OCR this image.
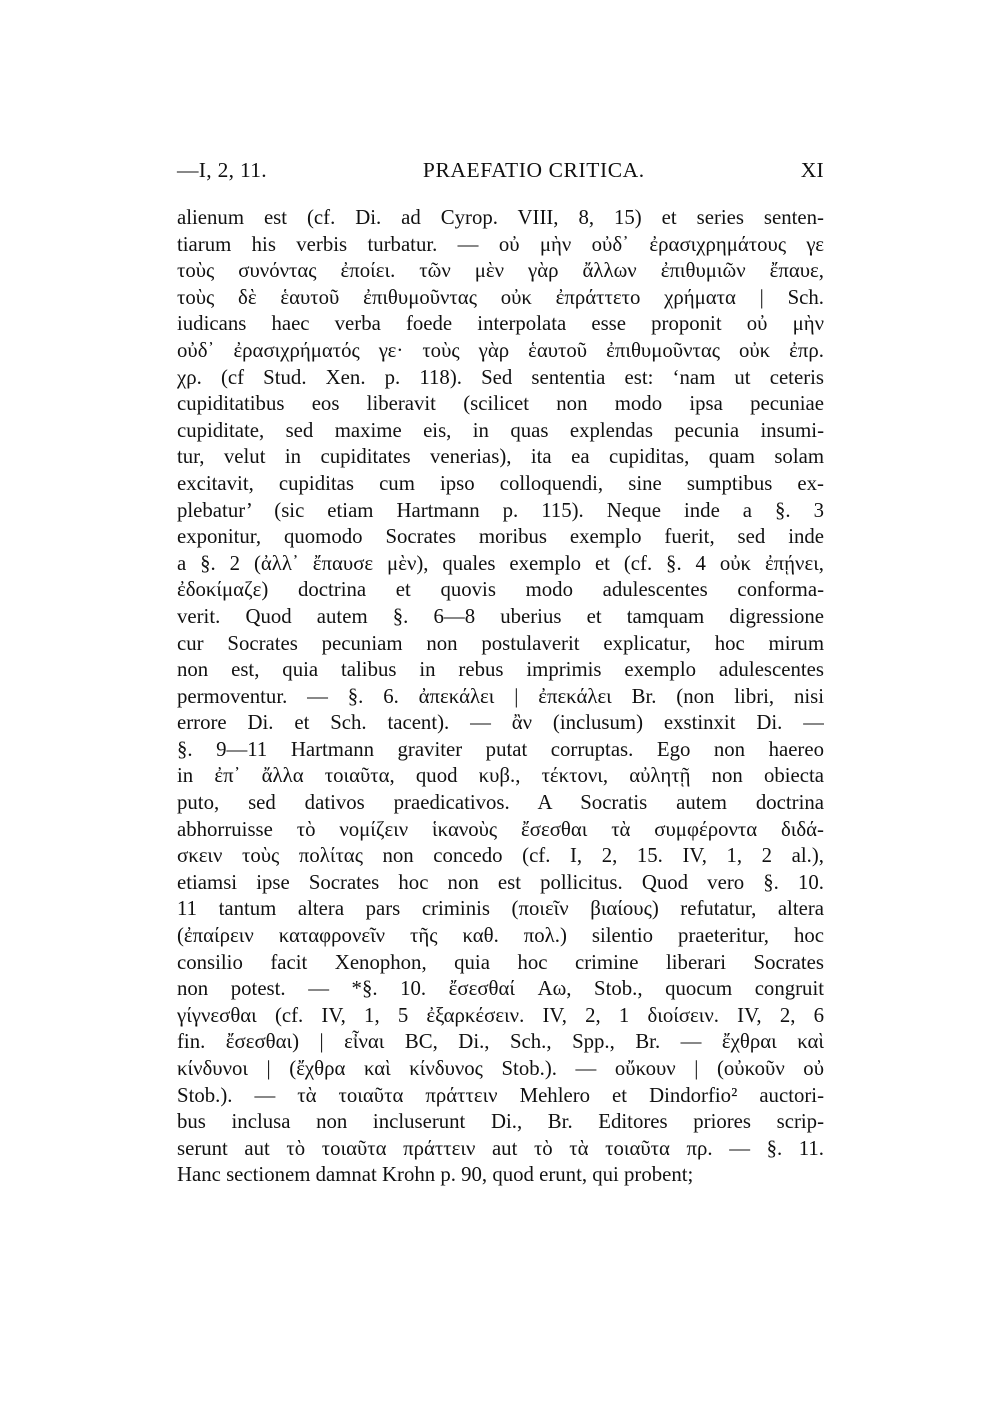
—I, 2, 11.	PRAEFATIO CRITICA.	XI
alienum est (cf. Di. ad Cyrop. VIII, 8, 15) et series senten-
tiarum his verbis turbatur. — οὐ μὴν οὐδ᾽ ἐρασιχρημάτους γε
τοὺς συνόντας ἐποίει. τῶν μὲν γὰρ ἄλλων ἐπιθυμιῶν ἔπαυε,
τοὺς δὲ ἑαυτοῦ ἐπιθυμοῦντας οὐκ ἐπράττετο χρήματα | Sch.
iudicans haec verba foede interpolata esse proponit οὐ μὴν
οὐδ᾽ ἐρασιχρήματός γε· τοὺς γὰρ ἑαυτοῦ ἐπιθυμοῦντας οὐκ ἐπρ.
χρ. (cf Stud. Xen. p. 118). Sed sententia est: ‘nam ut ceteris
cupiditatibus eos liberavit (scilicet non modo ipsa pecuniae
cupiditate, sed maxime eis, in quas explendas pecunia insumi-
tur, velut in cupiditates venerias), ita ea cupiditas, quam solam
excitavit, cupiditas cum ipso colloquendi, sine sumptibus ex-
plebatur’ (sic etiam Hartmann p. 115). Neque inde a §. 3
exponitur, quomodo Socrates moribus exemplo fuerit, sed inde
a §. 2 (ἀλλ᾽ ἔπαυσε μὲν), quales exemplo et (cf. §. 4 οὐκ ἐπῄνει,
ἐδοκίμαζε) doctrina et quovis modo adulescentes conforma-
verit. Quod autem §. 6—8 uberius et tamquam digressione
cur Socrates pecuniam non postulaverit explicatur, hoc mirum
non est, quia talibus in rebus imprimis exemplo adulescentes
permoventur. — §. 6. ἀπεκάλει | ἐπεκάλει Br. (non libri, nisi
errore Di. et Sch. tacent). — ἂν (inclusum) exstinxit Di. —
§. 9—11 Hartmann graviter putat corruptas. Ego non haereo
in ἐπ᾽ ἄλλα τοιαῦτα, quod κυβ., τέκτονι, αὐλητῇ non obiecta
puto, sed dativos praedicativos. A Socratis autem doctrina
abhorruisse τὸ νομίζειν ἱκανοὺς ἔσεσθαι τὰ συμφέροντα διδά-
σκειν τοὺς πολίτας non concedo (cf. I, 2, 15. IV, 1, 2 al.),
etiamsi ipse Socrates hoc non est pollicitus. Quod vero §. 10.
11 tantum altera pars criminis (ποιεῖν βιαίους) refutatur, altera
(ἐπαίρειν καταφρονεῖν τῆς καθ. πολ.) silentio praeteritur, hoc
consilio facit Xenophon, quia hoc crimine liberari Socrates
non potest. — *§. 10. ἔσεσθαί Aω, Stob., quocum congruit
γίγνεσθαι (cf. IV, 1, 5 ἐξαρκέσειν. IV, 2, 1 διοίσειν. IV, 2, 6
fin. ἔσεσθαι) | εἶναι BC, Di., Sch., Spp., Br. — ἔχθραι καὶ
κίνδυνοι | (ἔχθρα καὶ κίνδυνος Stob.). — οὔκουν | (οὐκοῦν οὐ
Stob.). — τὰ τοιαῦτα πράττειν Mehlero et Dindorfio² auctori-
bus inclusa non incluserunt Di., Br. Editores priores scrip-
serunt aut τὸ τοιαῦτα πράττειν aut τὸ τὰ τοιαῦτα πρ. — §. 11.
Hanc sectionem damnat Krohn p. 90, quod erunt, qui probent;
